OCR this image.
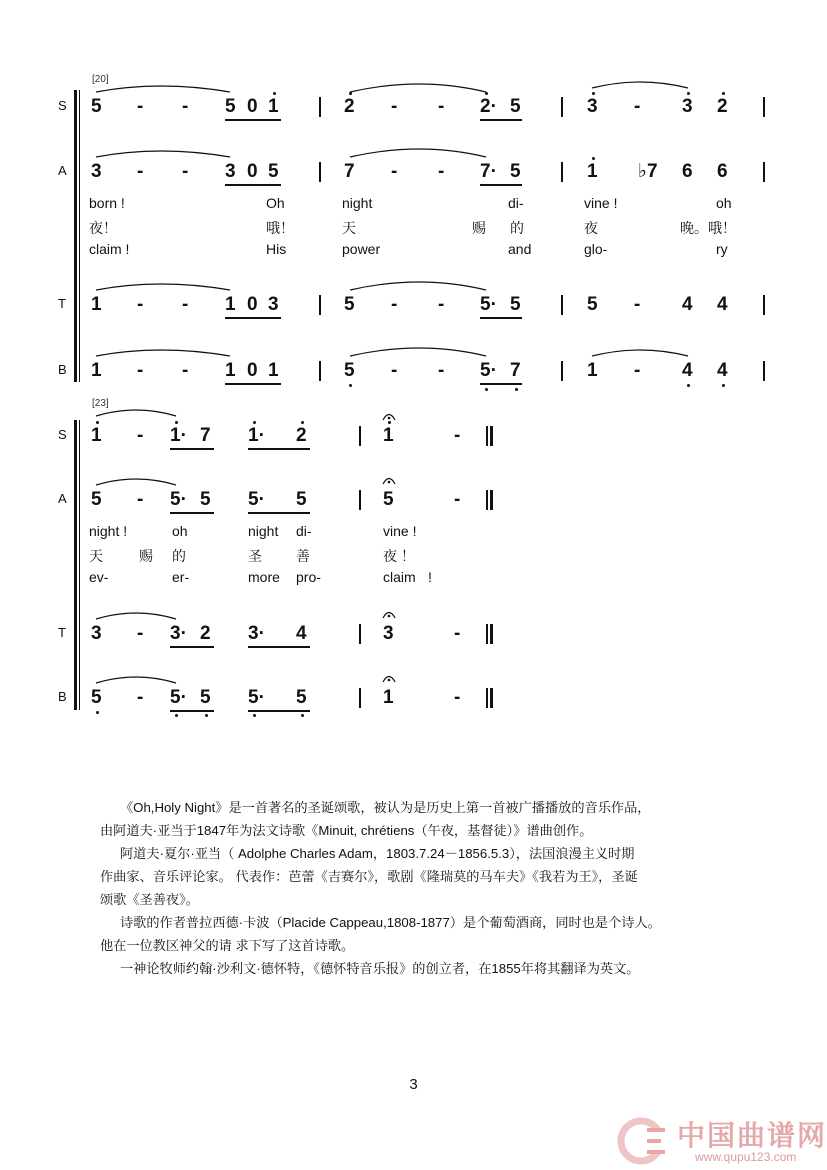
[20]
S
A
T
B
5 - - 5 0 1	2 - - 2· 5	3 - 3 2
3 - - 3 0 5	7 - - 7· 5	1 ♭7 6 6
born !	Oh	night	di-	vine !	oh
夜！	哦！	天	赐 的	夜	晚。哦！
claim !	His	power	and	glo-	ry
1 - - 1 0 3	5 - - 5· 5	5 - 4 4
1 - - 1 0 1	5 - - 5· 7	1 - 4 4
[23]
S
A
T
B
1 - 1· 7 1· 2	1	-
5 - 5· 5 5· 5	5	-
night !	oh	night di-	vine !
天	赐 的	圣 善	夜 ！
ev-	er-	more pro-	claim !
3 - 3· 2 3· 4	3	-
5 - 5· 5 5· 5	1	-

《Oh,Holy Night》是一首著名的圣诞颂歌，被认为是历史上第一首被广播播放的音乐作品，

由阿道夫·亚当于1847年为法文诗歌《Minuit, chrétiens（午夜，基督徒）》谱曲创作。

阿道夫·夏尔·亚当（ Adolphe Charles Adam，1803.7.24－1856.5.3），法国浪漫主义时期

作曲家、音乐评论家。 代表作：芭蕾《吉赛尔》，歌剧《隆瑞莫的马车夫》《我若为王》，圣诞

颂歌《圣善夜》。

诗歌的作者普拉西德·卡波（Placide Cappeau,1808-1877）是个葡萄酒商，同时也是个诗人。

他在一位教区神父的请 求下写了这首诗歌。

一神论牧师约翰·沙利文·德怀特，《德怀特音乐报》的创立者，在1855年将其翻译为英文。

3
中国曲谱网
www.qupu123.com
